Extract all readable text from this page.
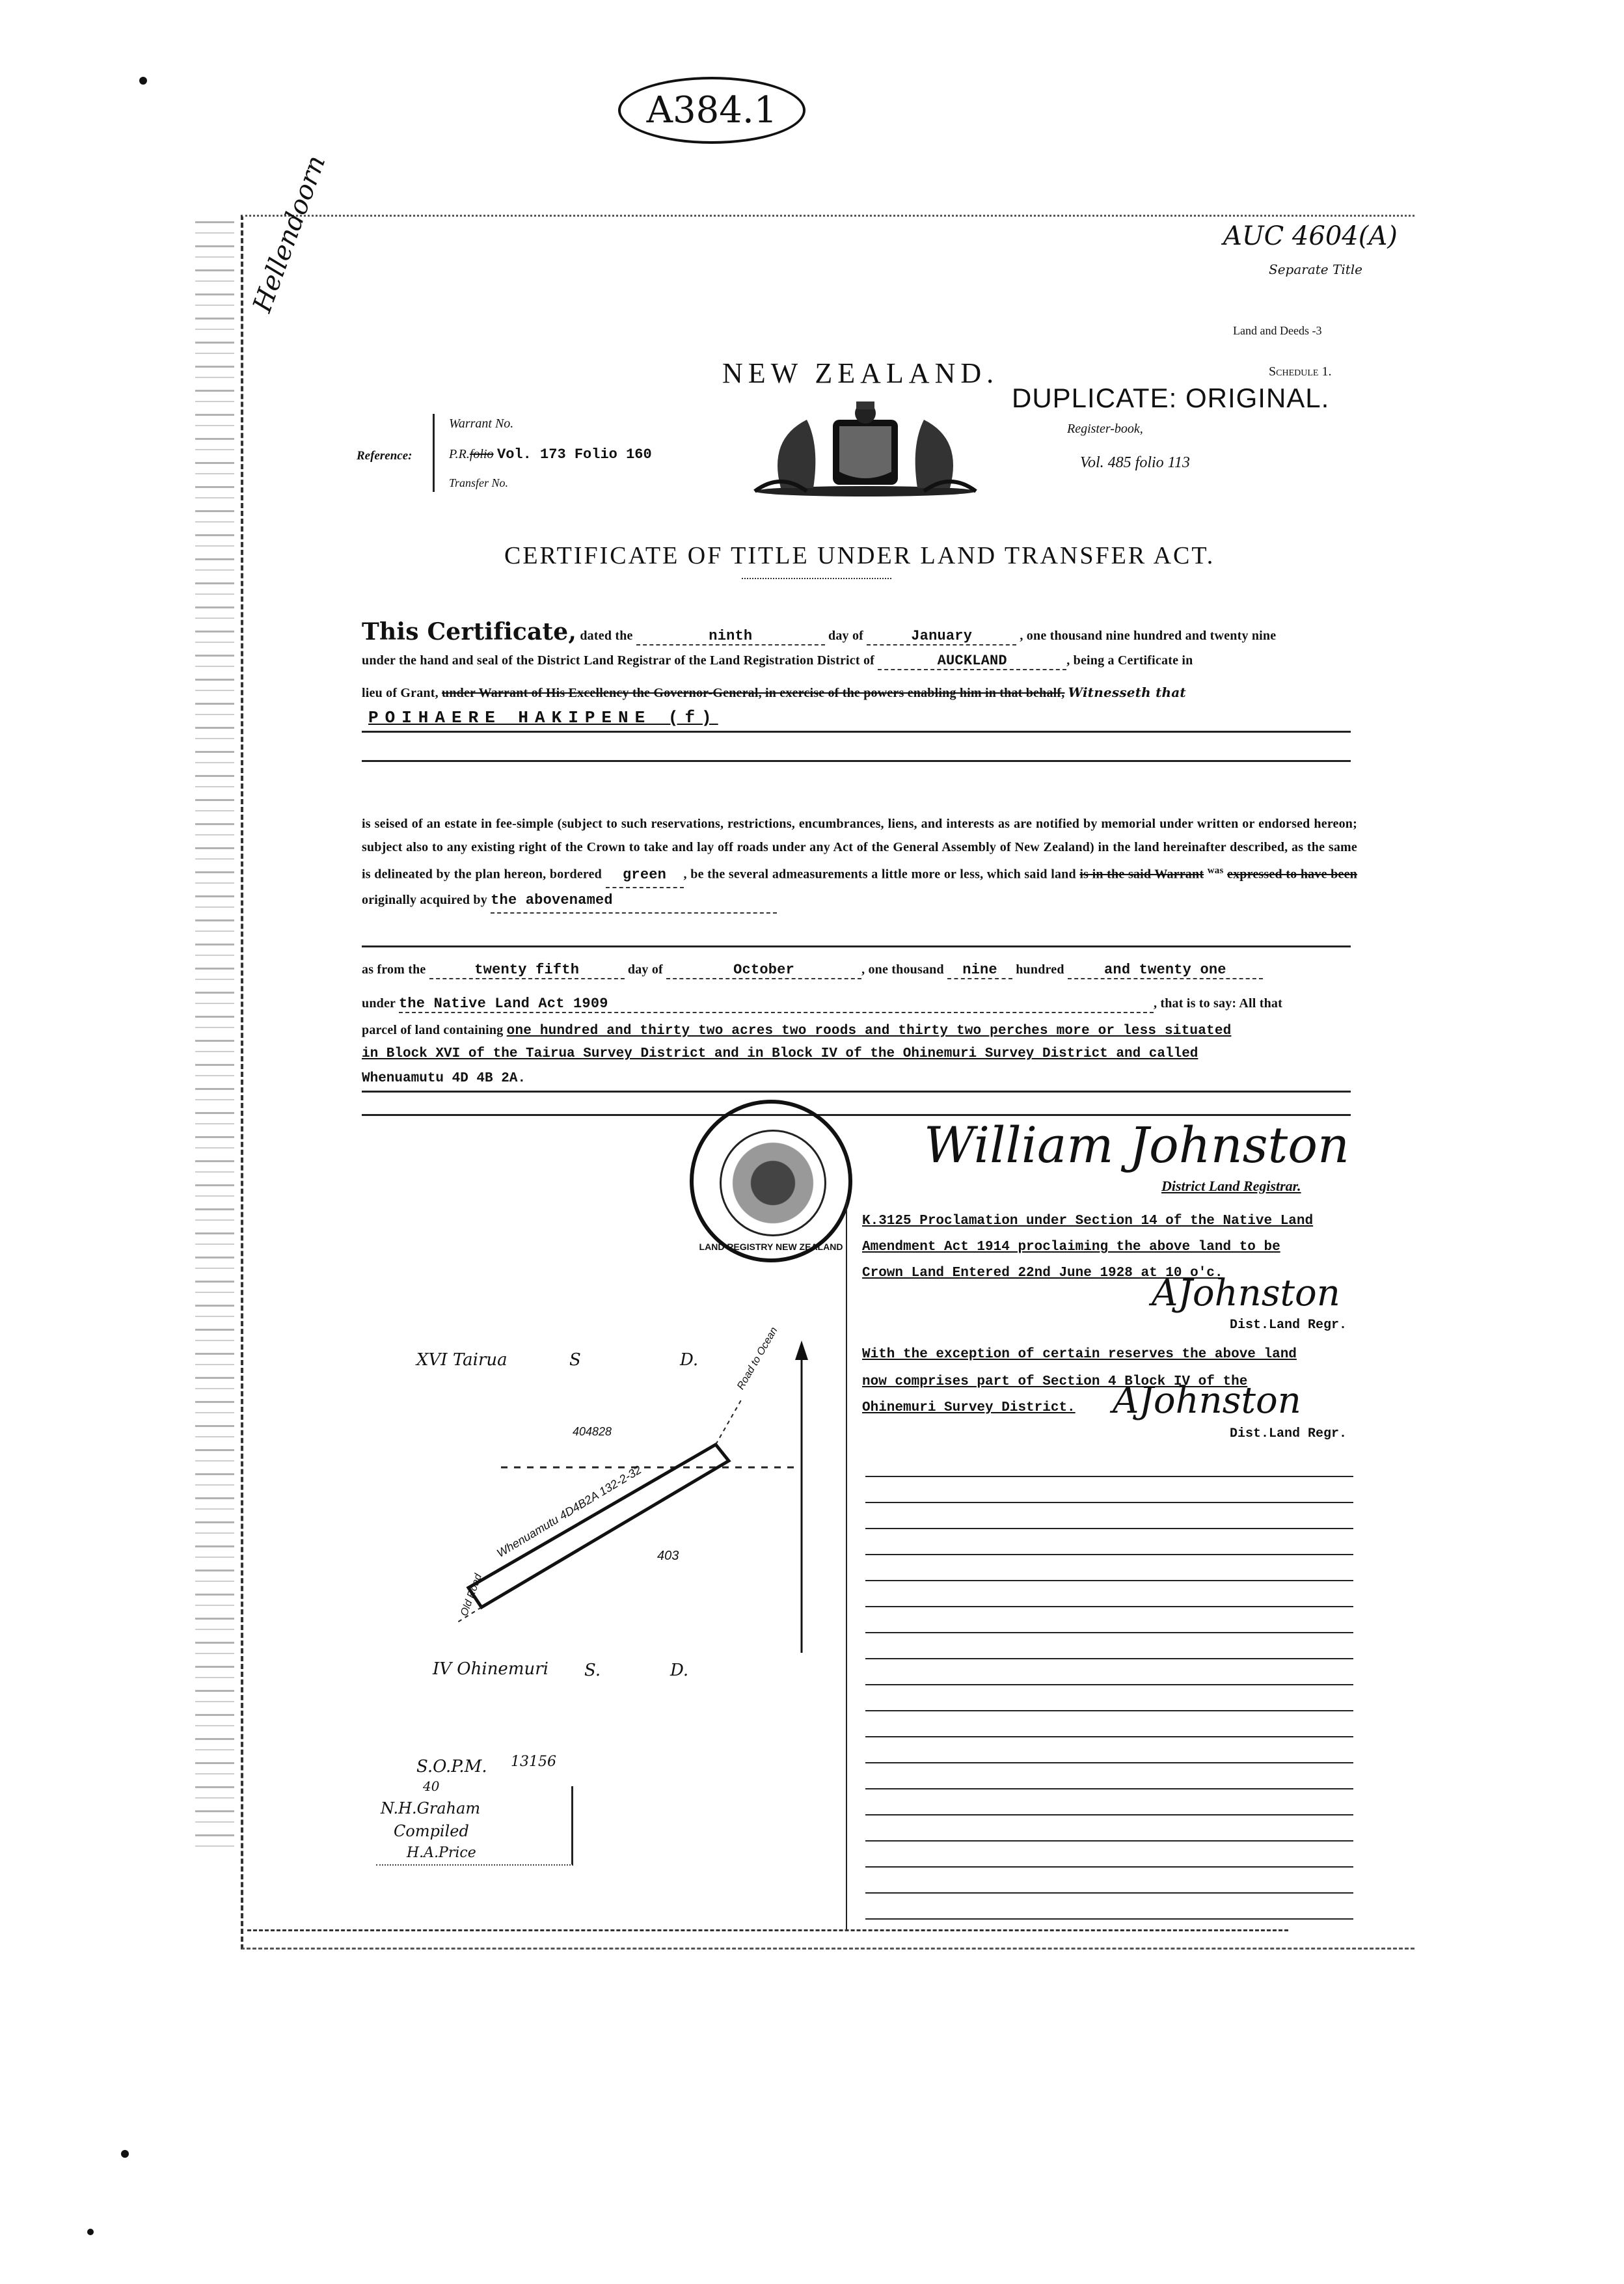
A384.1
AUC 4604(A)
Separate Title
Hellendoorn
Land and Deeds -3
Schedule 1.
NEW ZEALAND.
DUPLICATE: ORIGINAL.
Register-book,
Vol. 485 folio 113
Reference:
Warrant No.
P.R.folio Vol. 173 Folio 160
Transfer No.
CERTIFICATE OF TITLE UNDER LAND TRANSFER ACT.
This Certificate, dated the	ninth	day of	January	, one thousand nine hundred and twenty nine
under the hand and seal of the District Land Registrar of the Land Registration District of	AUCKLAND	, being a Certificate in
lieu of Grant, under Warrant of His Excellency the Governor-General, in exercise of the powers enabling him in that behalf, Witnesseth that
POIHAERE HAKIPENE (f)
is seised of an estate in fee-simple (subject to such reservations, restrictions, encumbrances, liens, and interests as are notified by memorial under written or endorsed hereon; subject also to any existing right of the Crown to take and lay off roads under any Act of the General Assembly of New Zealand) in the land hereinafter described, as the same is delineated by the plan hereon, bordered green , be the several admeasurements a little more or less, which said land is in the said Warrant $^{was}$ expressed to have been originally acquired by the abovenamed
as from the	twenty fifth	day of	October	, one thousand nine hundred	and twenty one
under the Native Land Act 1909	, that is to say: All that
parcel of land containing one hundred and thirty two acres two roods and thirty two perches more or less situated
in Block XVI of the Tairua Survey District and in Block IV of the Ohinemuri Survey District and called
Whenuamutu 4D 4B 2A.
LAND REGISTRY NEW ZEALAND
William Johnston
District Land Registrar.
K.3125 Proclamation under Section 14 of the Native Land
Amendment Act 1914 proclaiming the above land to be
Crown Land Entered 22nd June 1928 at 10 o'c.
AJohnston
Dist.Land Regr.
With the exception of certain reserves the above land
now comprises part of Section 4 Block IV of the
Ohinemuri Survey District. AJohnston
Dist.Land Regr.
XVI Tairua	S	D.
404828
403
Whenuamutu 4D4B2A 132-2-32
Road to Ocean
Old Road
IV Ohinemuri S.	D.
S.O.P.M. 13156
40
N.H.Graham
Compiled
H.A.Price
